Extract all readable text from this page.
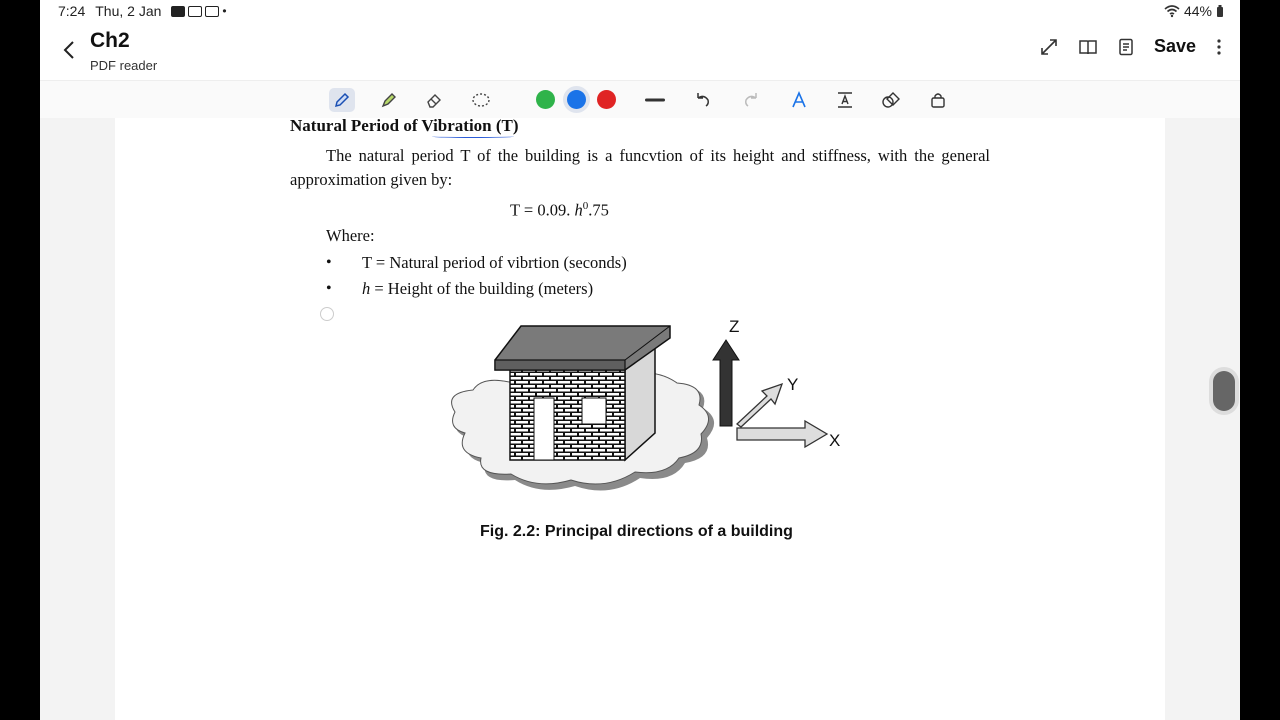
7:24 Thu, 2 Jan	•	44%
Ch2
PDF reader
Save
Natural Period of Vibration (T)
The natural period T of the building is a funcvtion of its height and stiffness, with the general approximation given by:
T = 0.09. $h^0.75$
Where:
• T = Natural period of vibrtion (seconds)
• h = Height of the building (meters)
Z
Y
X
Fig. 2.2: Principal directions of a building
